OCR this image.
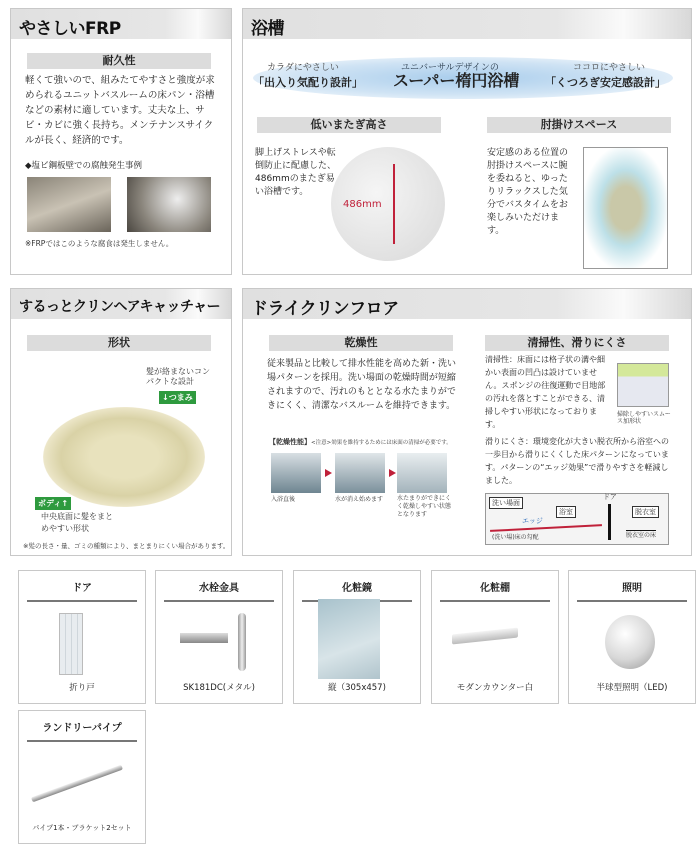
やさしいFRP
耐久性
軽くて強いので、組みたてやすさと強度が求められるユニットバスルームの床パン・浴槽などの素材に適しています。丈夫な上、サビ・カビに強く長持ち。メンテナンスサイクルが長く、経済的です。
◆塩ビ鋼板壁での腐蝕発生事例
※FRPではこのような腐食は発生しません。
浴槽
カラダにやさしい
「出入り気配り設計」
ユニバーサルデザインの
スーパー楕円浴槽
ココロにやさしい
「くつろぎ安定感設計」
低いまたぎ高さ
脚上げストレスや転倒防止に配慮した、486mmのまたぎ易い浴槽です。
486mm
肘掛けスペース
安定感のある位置の肘掛けスペースに腕を委ねると、ゆったりリラックスした気分でバスタイムをお楽しみいただけます。
するっとクリンヘアキャッチャー
形状
髪が絡まないコンパクトな設計
↓つまみ
ボディ↑
中央底面に髪をまとめやすい形状
※髪の長さ・量、ゴミの種類により、まとまりにくい場合があります。
ドライクリンフロア
乾燥性
従来製品と比較して排水性能を高めた新・洗い場パターンを採用。洗い場面の乾燥時間が短縮されますので、汚れのもととなる水たまりができにくく、清潔なバスルームを維持できます。
【乾燥性能】<注意>効果を維持するためには床面の清掃が必要です。
入浴直後	水が消え始めます 水たまりができにくく乾燥しやすい状態となります
清掃性、滑りにくさ
清掃性：床面には格子状の溝や細かい表面の凹凸は設けていません。スポンジの往復運動で目地部の汚れを落とすことができる、清掃しやすい形状になっております。
掃除しやすいスムース加形状
滑りにくさ：環境変化が大きい脱衣所から浴室への一歩目から滑りにくくした床パターンになっています。パターンの“エッジ効果”で滑りやすさを軽減しました。
洗い場面
ドア
浴室	脱衣室
エッジ
(洗い場)床の勾配	脱衣室の床
ドア
折り戸
水栓金具
SK181DC(メタル)
化粧鏡
縦（305x457)
化粧棚
モダンカウンター白
照明
半球型照明（LED)
ランドリーパイプ
パイプ1本・ブラケット2セット
